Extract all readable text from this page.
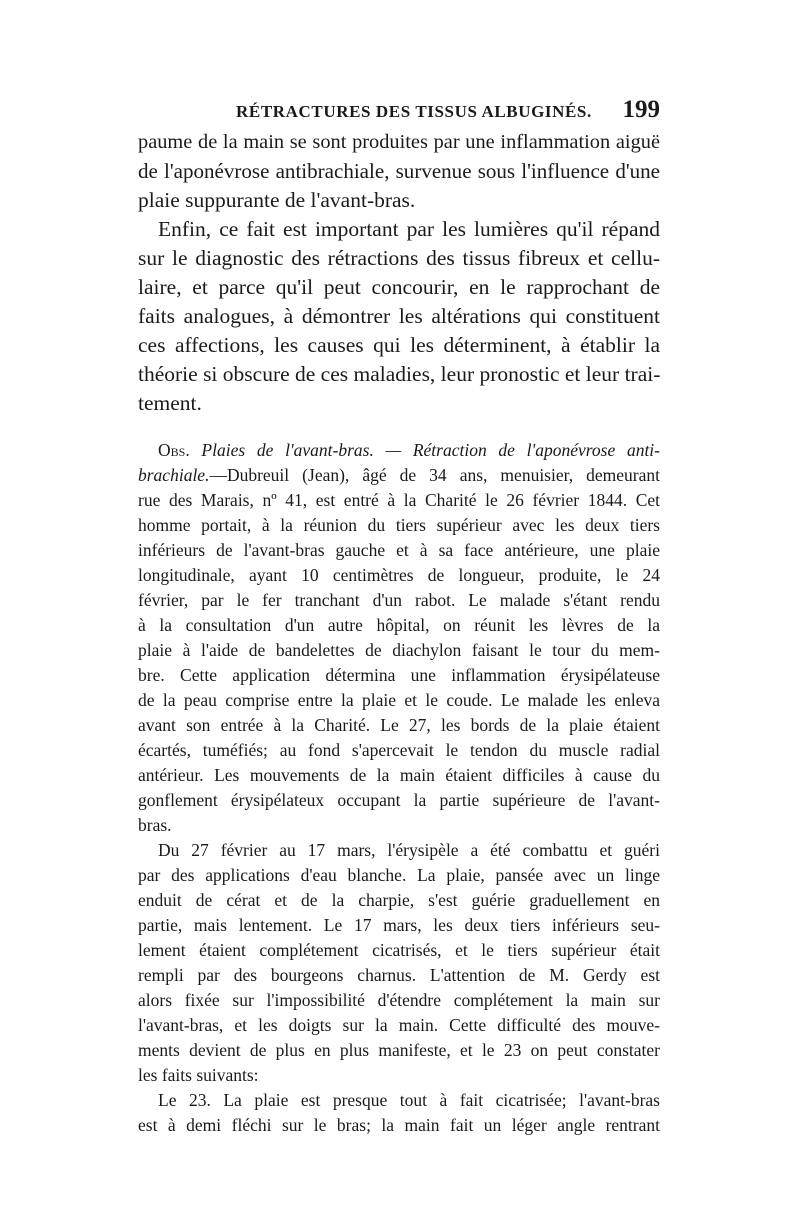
RÉTRACTURES DES TISSUS ALBUGINÉS. 199
paume de la main se sont produites par une inflammation aiguë
de l'aponévrose antibrachiale, survenue sous l'influence d'une
plaie suppurante de l'avant-bras.
Enfin, ce fait est important par les lumières qu'il répand
sur le diagnostic des rétractions des tissus fibreux et cellu-
laire, et parce qu'il peut concourir, en le rapprochant de
faits analogues, à démontrer les altérations qui constituent
ces affections, les causes qui les déterminent, à établir la
théorie si obscure de ces maladies, leur pronostic et leur trai-
tement.
Obs. Plaies de l'avant-bras. — Rétraction de l'aponévrose anti-
brachiale.—Dubreuil (Jean), âgé de 34 ans, menuisier, demeurant
rue des Marais, nº 41, est entré à la Charité le 26 février 1844. Cet
homme portait, à la réunion du tiers supérieur avec les deux tiers
inférieurs de l'avant-bras gauche et à sa face antérieure, une plaie
longitudinale, ayant 10 centimètres de longueur, produite, le 24
février, par le fer tranchant d'un rabot. Le malade s'étant rendu
à la consultation d'un autre hôpital, on réunit les lèvres de la
plaie à l'aide de bandelettes de diachylon faisant le tour du mem-
bre. Cette application détermina une inflammation érysipélateuse
de la peau comprise entre la plaie et le coude. Le malade les enleva
avant son entrée à la Charité. Le 27, les bords de la plaie étaient
écartés, tuméfiés; au fond s'apercevait le tendon du muscle radial
antérieur. Les mouvements de la main étaient difficiles à cause du
gonflement érysipélateux occupant la partie supérieure de l'avant-
bras.
Du 27 février au 17 mars, l'érysipèle a été combattu et guéri
par des applications d'eau blanche. La plaie, pansée avec un linge
enduit de cérat et de la charpie, s'est guérie graduellement en
partie, mais lentement. Le 17 mars, les deux tiers inférieurs seu-
lement étaient complétement cicatrisés, et le tiers supérieur était
rempli par des bourgeons charnus. L'attention de M. Gerdy est
alors fixée sur l'impossibilité d'étendre complétement la main sur
l'avant-bras, et les doigts sur la main. Cette difficulté des mouve-
ments devient de plus en plus manifeste, et le 23 on peut constater
les faits suivants:
Le 23. La plaie est presque tout à fait cicatrisée; l'avant-bras
est à demi fléchi sur le bras; la main fait un léger angle rentrant
